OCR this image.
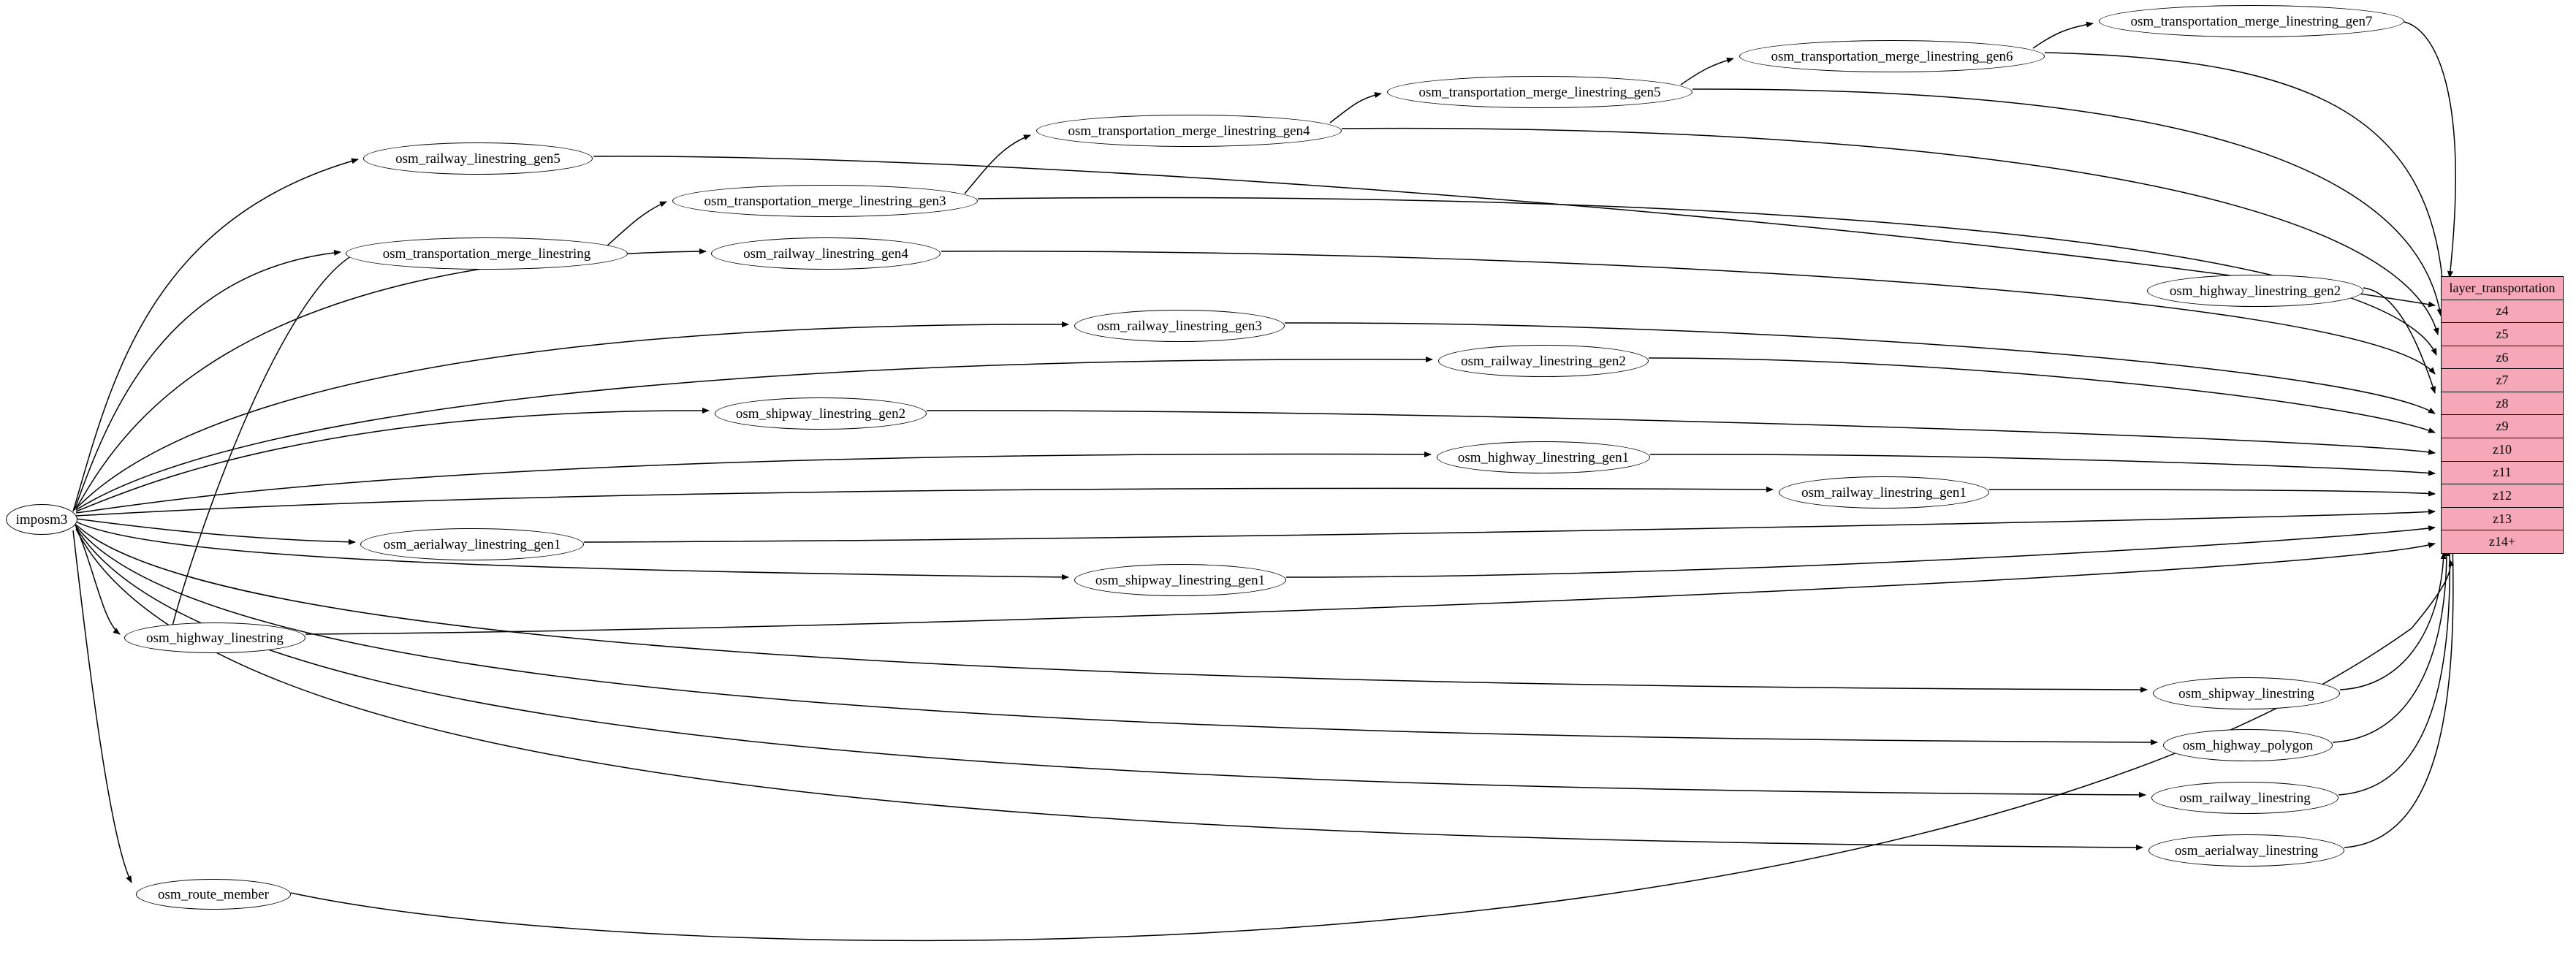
imposm3
osm_railway_linestring_gen5
osm_transportation_merge_linestring_gen3
osm_transportation_merge_linestring	osm_railway_linestring_gen4
osm_transportation_merge_linestring_gen4
osm_transportation_merge_linestring_gen5
osm_transportation_merge_linestring_gen6
osm_transportation_merge_linestring_gen7
osm_highway_linestring_gen2
osm_railway_linestring_gen3
osm_railway_linestring_gen2
osm_shipway_linestring_gen2
osm_highway_linestring_gen1
osm_railway_linestring_gen1
osm_aerialway_linestring_gen1
osm_shipway_linestring_gen1
osm_highway_linestring
osm_shipway_linestring
osm_highway_polygon
osm_railway_linestring
osm_aerialway_linestring
osm_route_member
layer_transportation
z4
z5
z6
z7
z8
z9
z10
z11
z12
z13
z14+
